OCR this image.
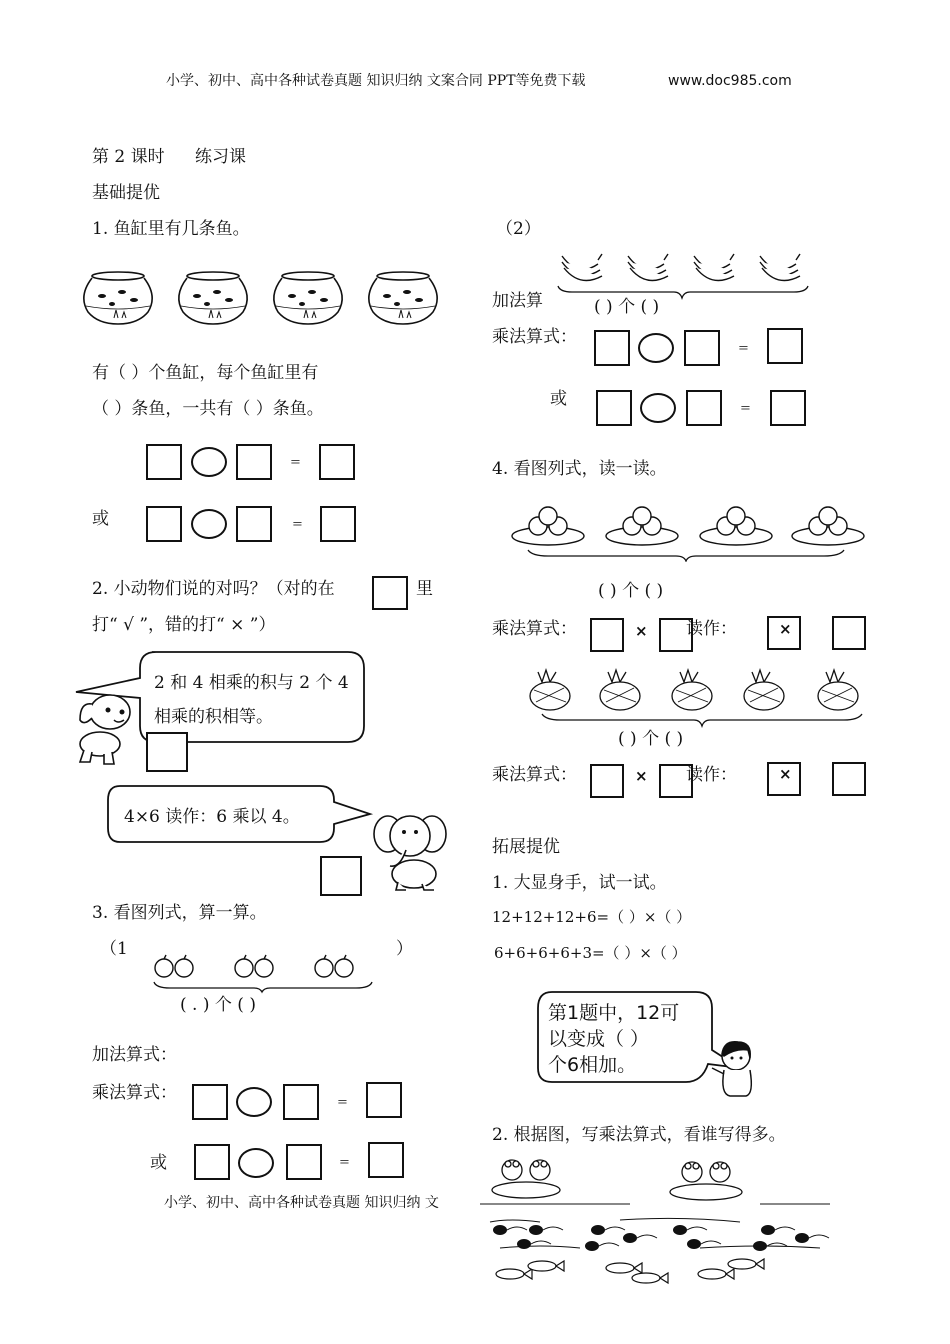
小学、初中、高中各种试卷真题 知识归纳 文案合同 PPT等免费下载	www.doc985.com
第 2 课时 练习课
基础提优
1. 鱼缸里有几条鱼。
有（ ）个鱼缸，每个鱼缸里有
（ ）条鱼，一共有（ ）条鱼。
=
或	=
2. 小动物们说的对吗？（对的在	里
打“ √ ”，错的打“ × ”）
2 和 4 相乘的积与 2 个 4
相乘的积相等。
4×6 读作：6 乘以 4。
3. 看图列式，算一算。
（1	）
( . ) 个 ( )
加法算式：
乘法算式：	=
或	=
小学、初中、高中各种试卷真题 知识归纳 文
（2）
加法算	( ) 个 ( )
乘法算式：
=
或	=
4. 看图列式，读一读。
( ) 个 ( )
乘法算式：	× 读作：	×
( ) 个 ( )
乘法算式：	× 读作：	×
拓展提优
1. 大显身手，试一试。
12+12+12+6=（ ）×（ ）
6+6+6+6+3=（ ）×（ ）
第1题中，12可
以变成（ ）
个6相加。
2. 根据图，写乘法算式，看谁写得多。
